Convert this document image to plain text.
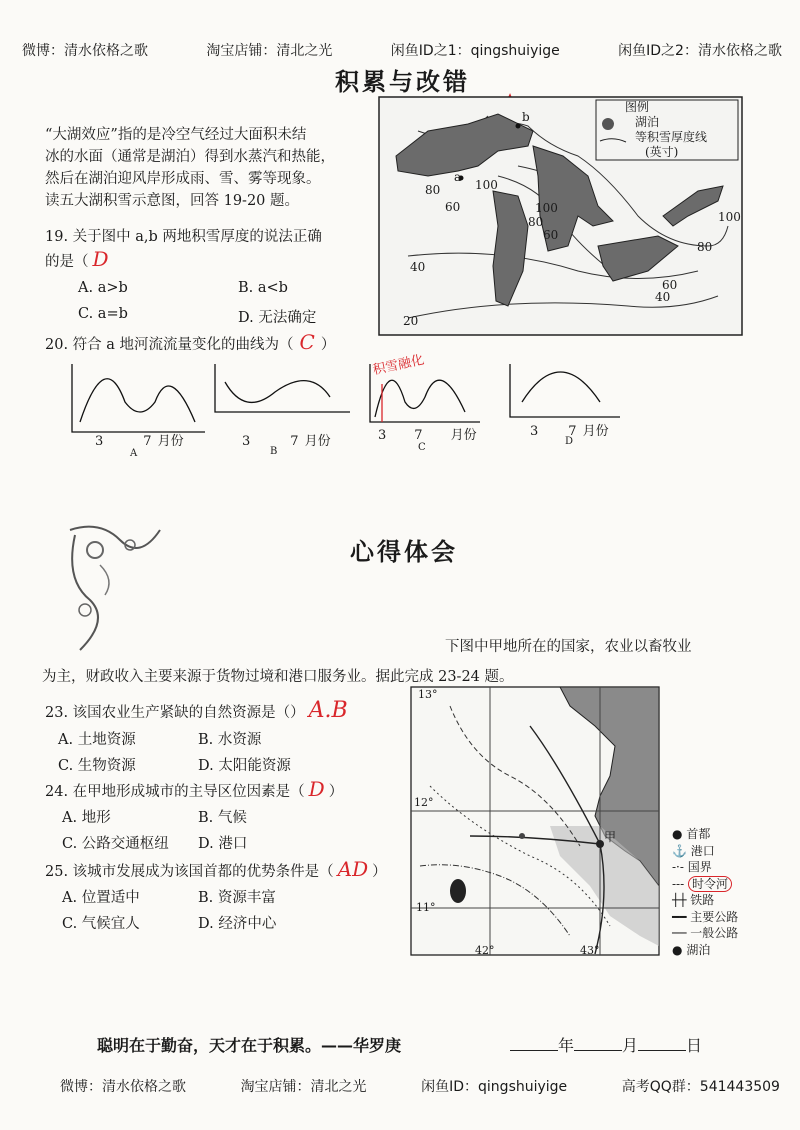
微博：清水依格之歌	淘宝店铺：清北之光	闲鱼ID之1：qingshuiyige	闲鱼ID之2：清水依格之歌
积累与改错
“大湖效应”指的是冷空气经过大面积未结
冰的水面（通常是湖泊）得到水蒸汽和热能，
然后在湖泊迎风岸形成雨、雪、雾等现象。
读五大湖积雪示意图，回答 19-20 题。
19. 关于图中 a,b 两地积雪厚度的说法正确
的是（ D
A. a>b	B. a<b
C. a=b	D. 无法确定
20. 符合 a 地河流流量变化的曲线为（ C ）
图例
湖泊
等积雪厚度线
(英寸)
a
b
80	100
60	100
80
60
100
80
60
40
40
20
积雪融化
3	7 月份
A
3	7 月份
B
3 7 月份
C
3 7 月份
D
心得体会
下图中甲地所在的国家，农业以畜牧业
为主，财政收入主要来源于货物过境和港口服务业。据此完成 23-24 题。
23. 该国农业生产紧缺的自然资源是（） A.B
A. 土地资源	B. 水资源
C. 生物资源	D. 太阳能资源
24. 在甲地形成城市的主导区位因素是（ D ）
A. 地形	B. 气候
C. 公路交通枢纽 D. 港口
25. 该城市发展成为该国首都的优势条件是（ AD ）
A. 位置适中	B. 资源丰富
C. 气候宜人	D. 经济中心
13°
12°
11°
42°	43°
甲	● 首都
⚓ 港口
-·- 国界
--- 时令河
┼┼ 铁路
━━ 主要公路
── 一般公路
● 湖泊
聪明在于勤奋，天才在于积累。——华罗庚	年	月	日
微博：清水依格之歌	淘宝店铺：清北之光	闲鱼ID：qingshuiyige	高考QQ群：541443509
